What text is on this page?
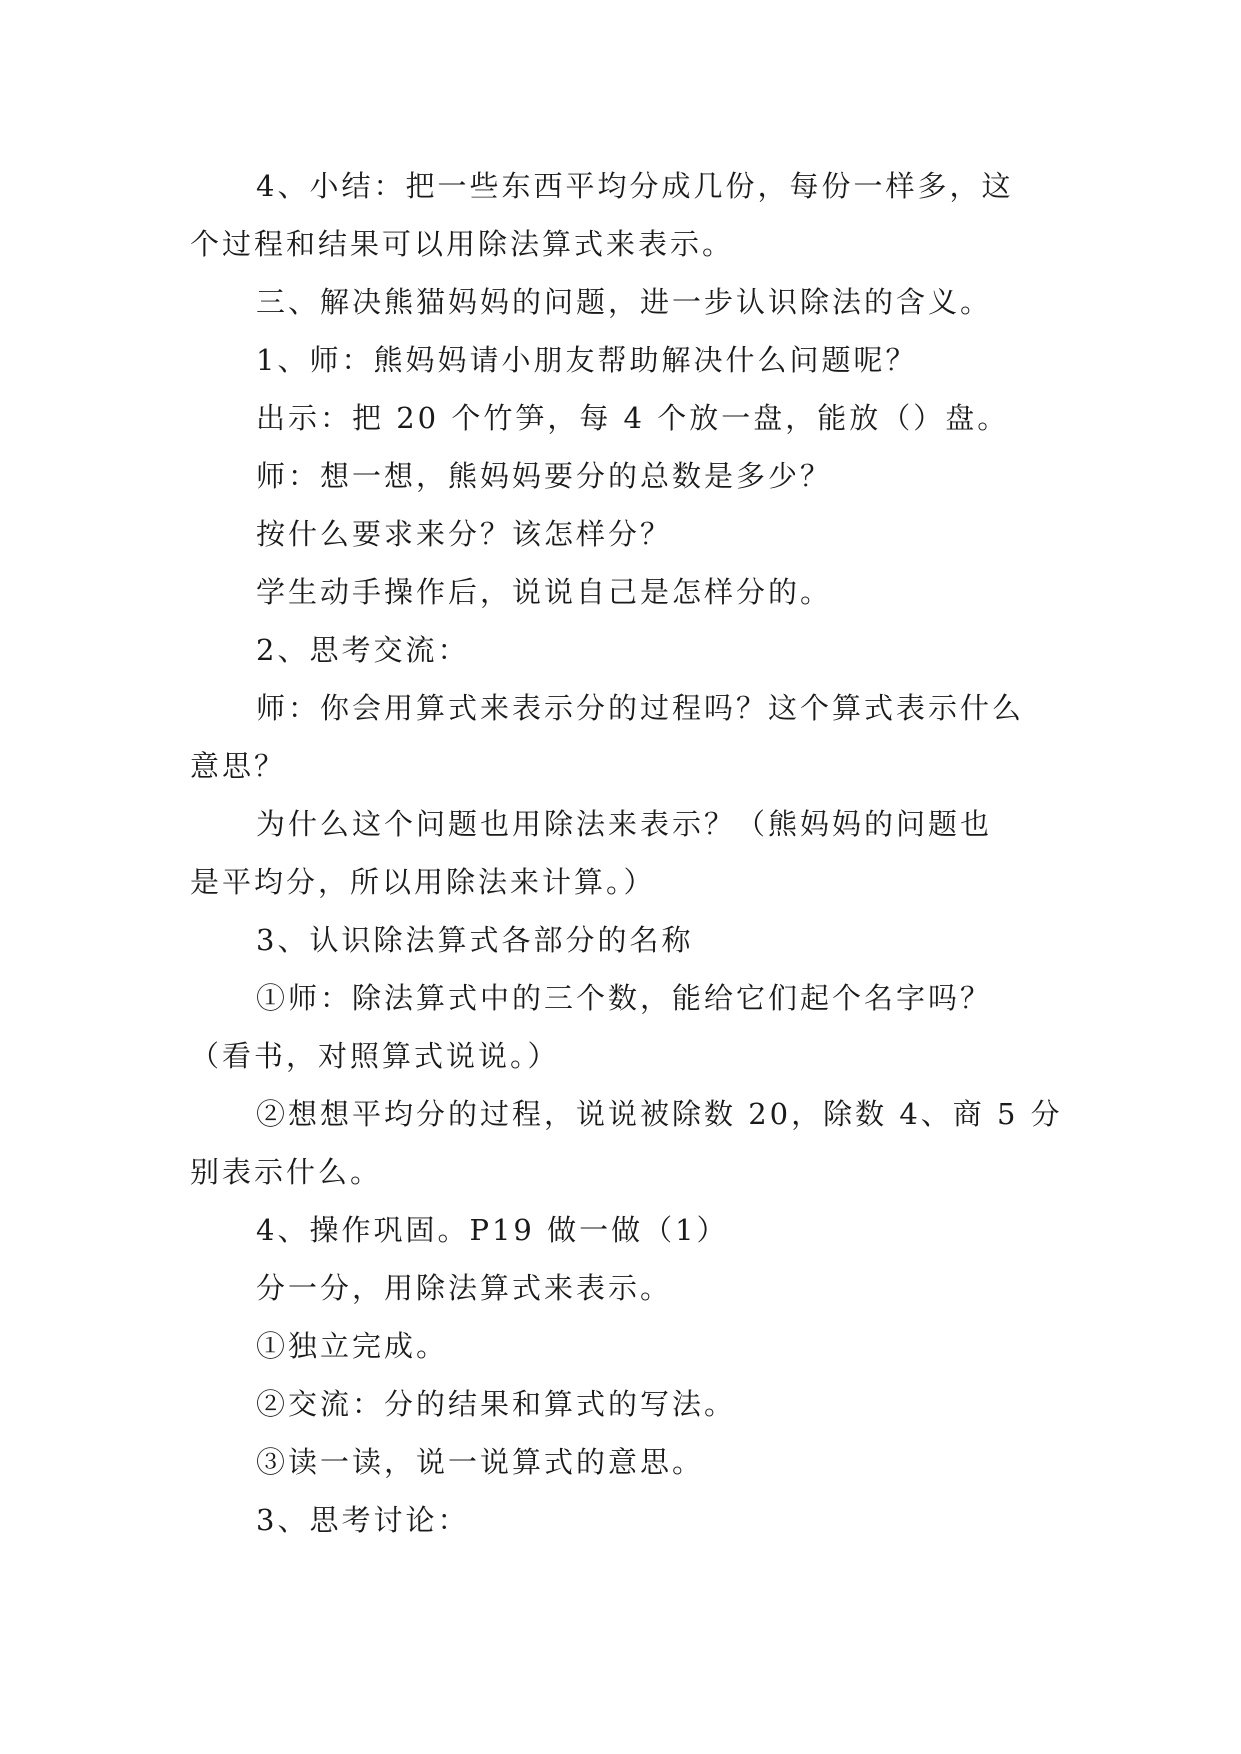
4、小结：把一些东西平均分成几份，每份一样多，这
个过程和结果可以用除法算式来表示。
三、解决熊猫妈妈的问题，进一步认识除法的含义。
1、师：熊妈妈请小朋友帮助解决什么问题呢？
出示：把 20 个竹笋，每 4 个放一盘，能放（）盘。
师：想一想，熊妈妈要分的总数是多少？
按什么要求来分？该怎样分？
学生动手操作后，说说自己是怎样分的。
2、思考交流：
师：你会用算式来表示分的过程吗？这个算式表示什么
意思？
为什么这个问题也用除法来表示？（熊妈妈的问题也
是平均分，所以用除法来计算。）
3、认识除法算式各部分的名称
①师：除法算式中的三个数，能给它们起个名字吗？
（看书，对照算式说说。）
②想想平均分的过程，说说被除数 20，除数 4、商 5 分
别表示什么。
4、操作巩固。P19 做一做（1）
分一分，用除法算式来表示。
①独立完成。
②交流：分的结果和算式的写法。
③读一读，说一说算式的意思。
3、思考讨论：
